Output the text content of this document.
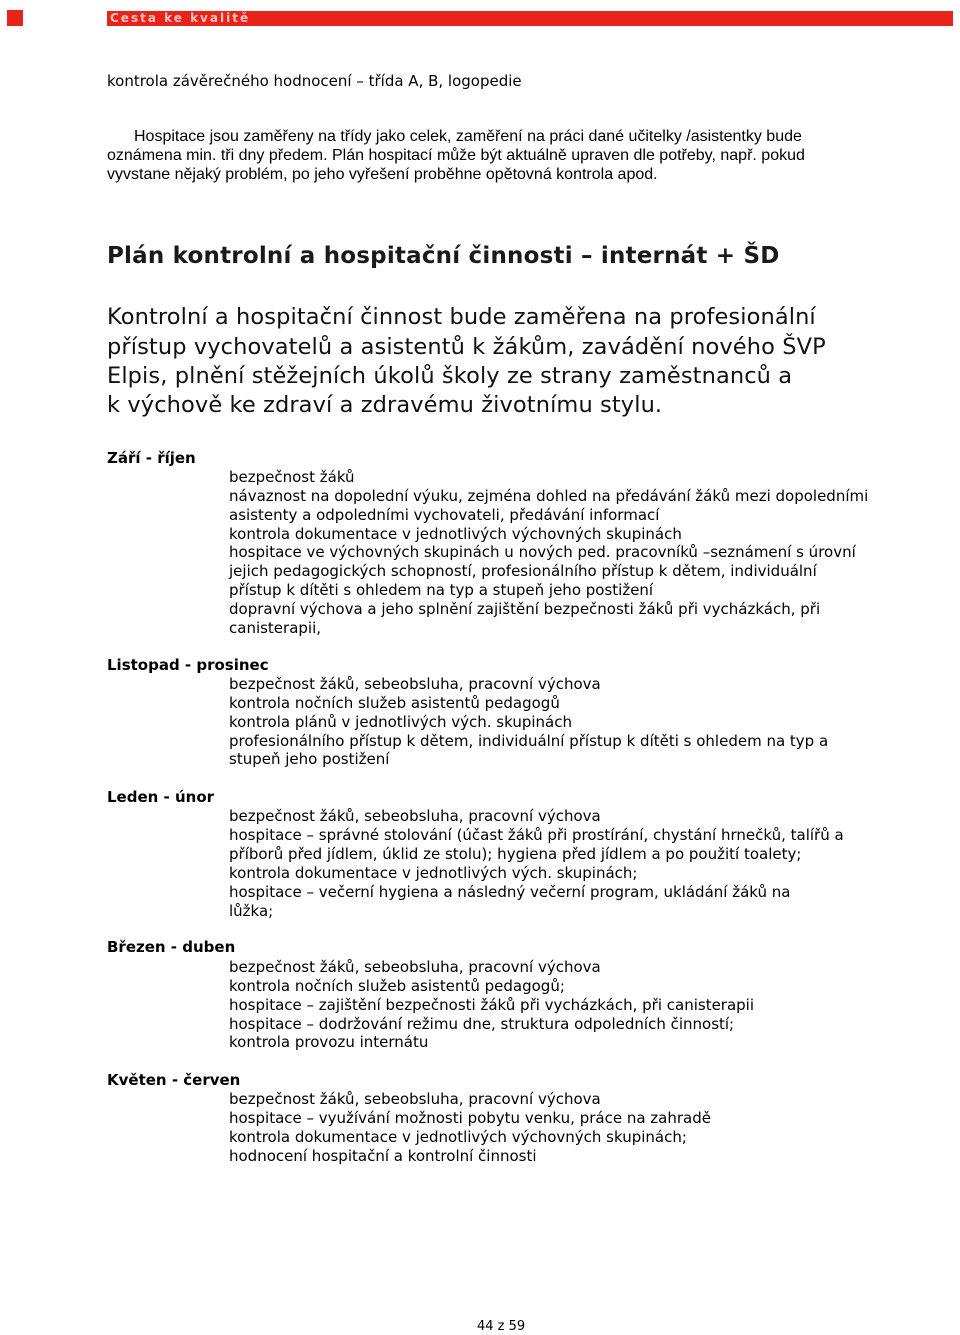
Cesta ke kvalitě
kontrola závěrečného hodnocení – třída A, B, logopedie
Hospitace jsou zaměřeny na třídy jako celek, zaměření na práci dané učitelky /asistentky bude
oznámena min. tři dny předem. Plán hospitací může být aktuálně upraven dle potřeby, např. pokud
vyvstane nějaký problém, po jeho vyřešení proběhne opětovná kontrola apod.
Plán kontrolní a hospitační činnosti – internát + ŠD
Kontrolní a hospitační činnost bude zaměřena na profesionální
přístup vychovatelů a asistentů k žákům, zavádění nového ŠVP
Elpis, plnění stěžejních úkolů školy ze strany zaměstnanců a
k výchově ke zdraví a zdravému životnímu stylu.
Září - říjen
bezpečnost žáků
návaznost na dopolední výuku, zejména dohled na předávání žáků mezi dopoledními
asistenty a odpoledními vychovateli, předávání informací
kontrola dokumentace v jednotlivých výchovných skupinách
hospitace ve výchovných skupinách u nových ped. pracovníků –seznámení s úrovní
jejich pedagogických schopností, profesionálního přístup k dětem, individuální
přístup k dítěti s ohledem na typ a stupeň jeho postižení
dopravní výchova a jeho splnění zajištění bezpečnosti žáků při vycházkách, při
canisterapii,
Listopad - prosinec
bezpečnost žáků, sebeobsluha, pracovní výchova
kontrola nočních služeb asistentů pedagogů
kontrola plánů v jednotlivých vých. skupinách
profesionálního přístup k dětem, individuální přístup k dítěti s ohledem na typ a
stupeň jeho postižení
Leden - únor
bezpečnost žáků, sebeobsluha, pracovní výchova
hospitace – správné stolování (účast žáků při prostírání, chystání hrnečků, talířů a
příborů před jídlem, úklid ze stolu); hygiena před jídlem a po použití toalety;
kontrola dokumentace v jednotlivých vých. skupinách;
hospitace – večerní hygiena a následný večerní program, ukládání žáků na
lůžka;
Březen - duben
bezpečnost žáků, sebeobsluha, pracovní výchova
kontrola nočních služeb asistentů pedagogů;
hospitace – zajištění bezpečnosti žáků při vycházkách, při canisterapii
hospitace – dodržování režimu dne, struktura odpoledních činností;
kontrola provozu internátu
Květen - červen
bezpečnost žáků, sebeobsluha, pracovní výchova
hospitace – využívání možnosti pobytu venku, práce na zahradě
kontrola dokumentace v jednotlivých výchovných skupinách;
hodnocení hospitační a kontrolní činnosti
44 z 59
